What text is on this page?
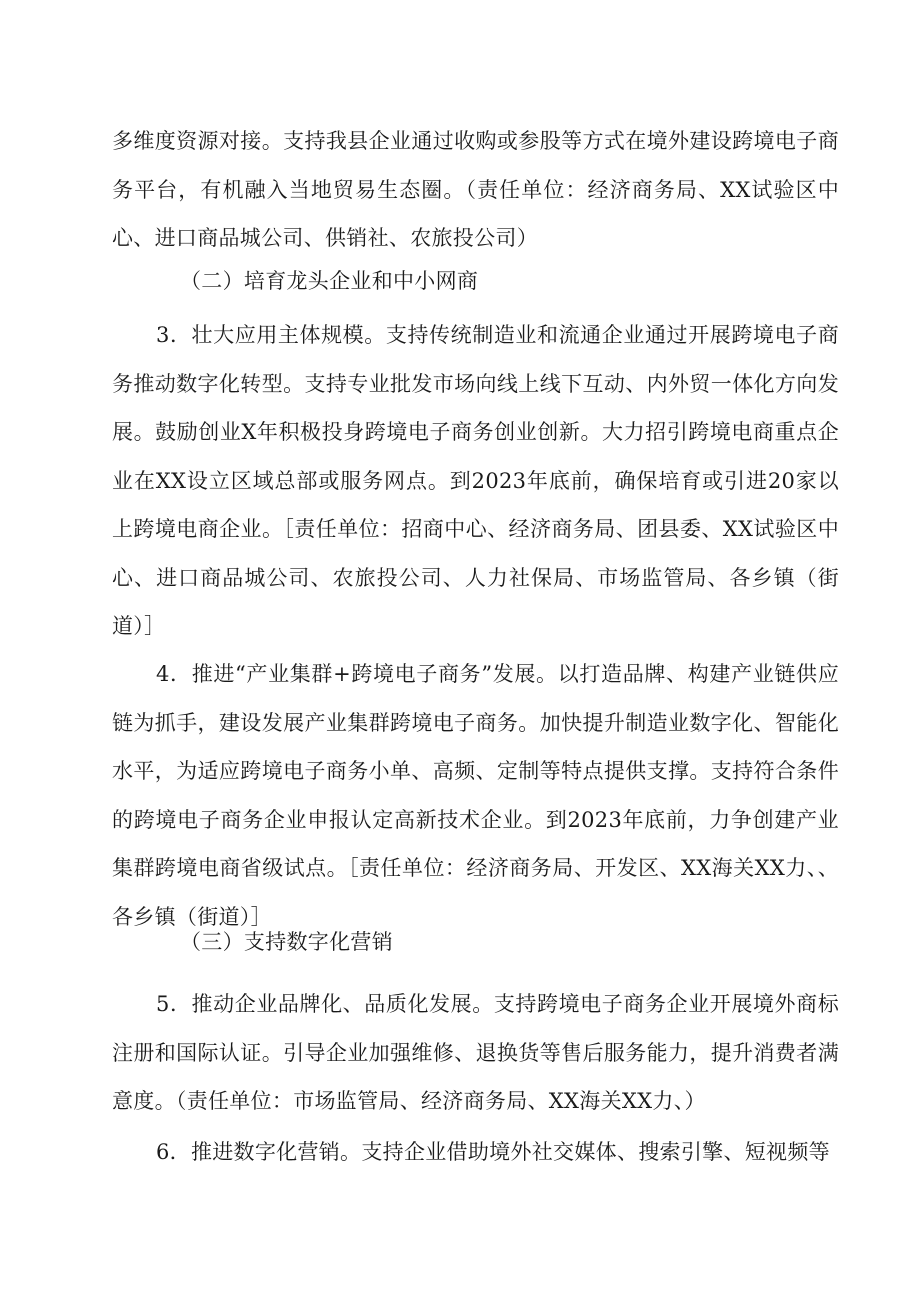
多维度资源对接。支持我县企业通过收购或参股等方式在境外建设跨境电子商务平台，有机融入当地贸易生态圈。（责任单位：经济商务局、XX试验区中心、进口商品城公司、供销社、农旅投公司）

（二）培育龙头企业和中小网商

3．壮大应用主体规模。支持传统制造业和流通企业通过开展跨境电子商务推动数字化转型。支持专业批发市场向线上线下互动、内外贸一体化方向发展。鼓励创业X年积极投身跨境电子商务创业创新。大力招引跨境电商重点企业在XX设立区域总部或服务网点。到2023年底前，确保培育或引进20家以上跨境电商企业。［责任单位：招商中心、经济商务局、团县委、XX试验区中心、进口商品城公司、农旅投公司、人力社保局、市场监管局、各乡镇（街道）］

4．推进“产业集群+跨境电子商务”发展。以打造品牌、构建产业链供应链为抓手，建设发展产业集群跨境电子商务。加快提升制造业数字化、智能化水平，为适应跨境电子商务小单、高频、定制等特点提供支撑。支持符合条件的跨境电子商务企业申报认定高新技术企业。到2023年底前，力争创建产业集群跨境电商省级试点。［责任单位：经济商务局、开发区、XX海关XX力、、各乡镇（街道）］

（三）支持数字化营销

5．推动企业品牌化、品质化发展。支持跨境电子商务企业开展境外商标注册和国际认证。引导企业加强维修、退换货等售后服务能力，提升消费者满意度。（责任单位：市场监管局、经济商务局、XX海关XX力、）

6．推进数字化营销。支持企业借助境外社交媒体、搜索引擎、短视频等
